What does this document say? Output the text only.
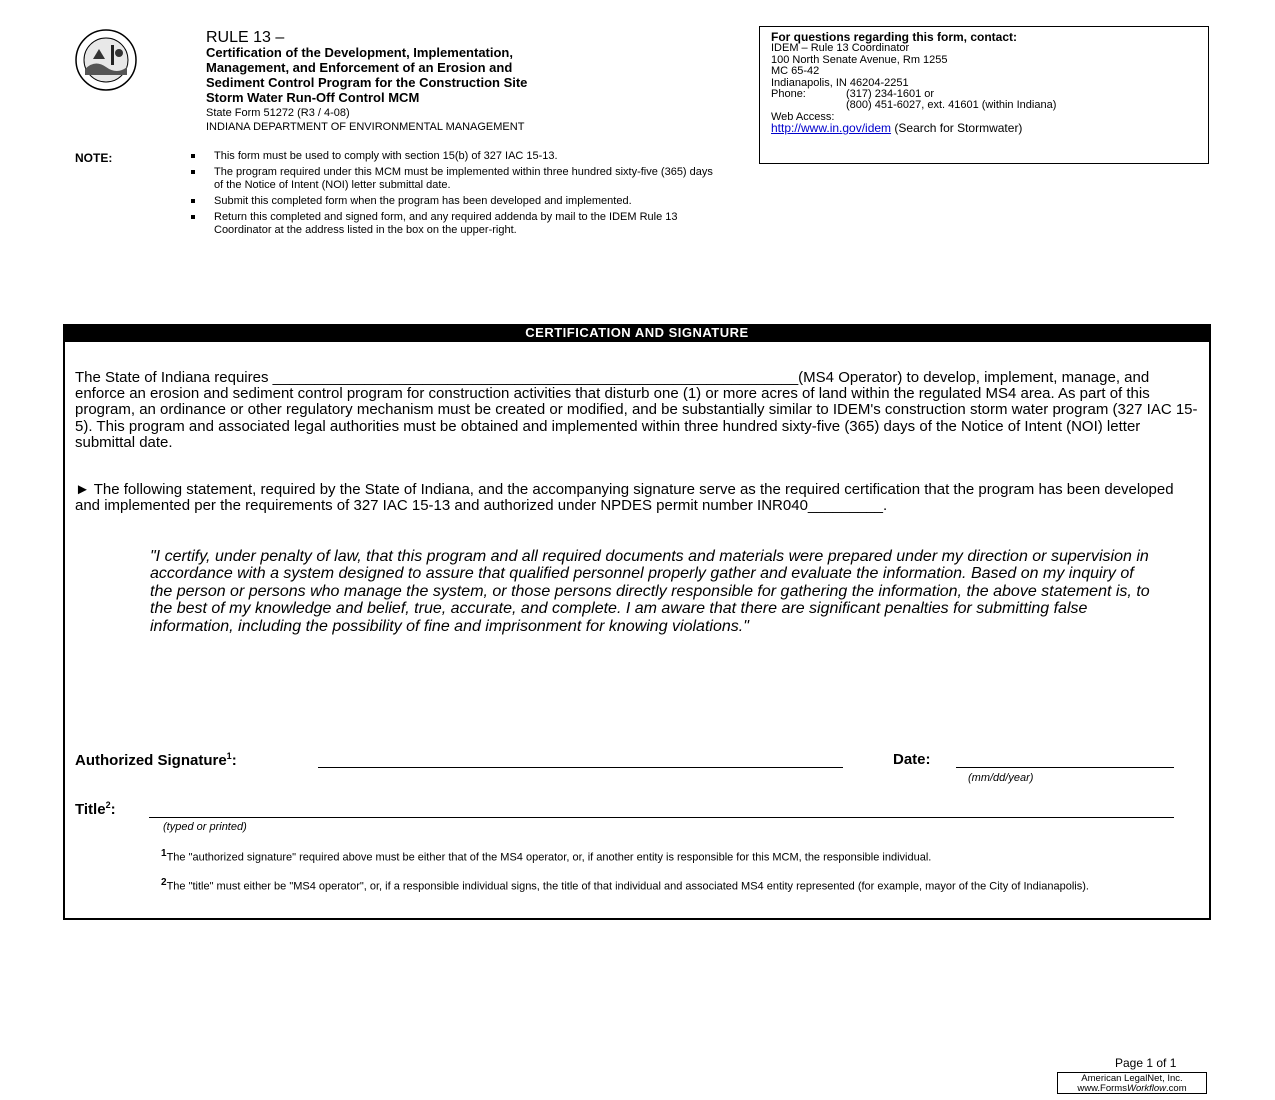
RULE 13 –
Certification of the Development, Implementation,
Management, and Enforcement of an Erosion and
Sediment Control Program for the Construction Site
Storm Water Run-Off Control MCM
State Form 51272 (R3 / 4-08)
INDIANA DEPARTMENT OF ENVIRONMENTAL MANAGEMENT
For questions regarding this form, contact:
IDEM – Rule 13 Coordinator
100 North Senate Avenue, Rm 1255
MC 65-42
Indianapolis, IN 46204-2251
Phone:	(317) 234-1601 or
(800) 451-6027, ext. 41601 (within Indiana)
Web Access:
http://www.in.gov/idem (Search for Stormwater)
NOTE:	This form must be used to comply with section 15(b) of 327 IAC 15-13.
The program required under this MCM must be implemented within three hundred sixty-five (365) days of the Notice of Intent (NOI) letter submittal date.
Submit this completed form when the program has been developed and implemented.
Return this completed and signed form, and any required addenda by mail to the IDEM Rule 13 Coordinator at the address listed in the box on the upper-right.
CERTIFICATION AND SIGNATURE
The State of Indiana requires _______________________________________________________________(MS4 Operator) to develop, implement, manage, and enforce an erosion and sediment control program for construction activities that disturb one (1) or more acres of land within the regulated MS4 area. As part of this program, an ordinance or other regulatory mechanism must be created or modified, and be substantially similar to IDEM's construction storm water program (327 IAC 15-5). This program and associated legal authorities must be obtained and implemented within three hundred sixty-five (365) days of the Notice of Intent (NOI) letter submittal date.
► The following statement, required by the State of Indiana, and the accompanying signature serve as the required certification that the program has been developed and implemented per the requirements of 327 IAC 15-13 and authorized under NPDES permit number INR040_________.
"I certify, under penalty of law, that this program and all required documents and materials were prepared under my direction or supervision in accordance with a system designed to assure that qualified personnel properly gather and evaluate the information. Based on my inquiry of the person or persons who manage the system, or those persons directly responsible for gathering the information, the above statement is, to the best of my knowledge and belief, true, accurate, and complete. I am aware that there are significant penalties for submitting false information, including the possibility of fine and imprisonment for knowing violations."
Authorized Signature$^1$:	Date:
(mm/dd/year)
Title$^2$:
(typed or printed)
$^1$The "authorized signature" required above must be either that of the MS4 operator, or, if another entity is responsible for this MCM, the responsible individual.
$^2$The "title" must either be "MS4 operator", or, if a responsible individual signs, the title of that individual and associated MS4 entity represented (for example, mayor of the City of Indianapolis).
Page 1 of 1
American LegalNet, Inc.
www.FormsWorkflow.com
